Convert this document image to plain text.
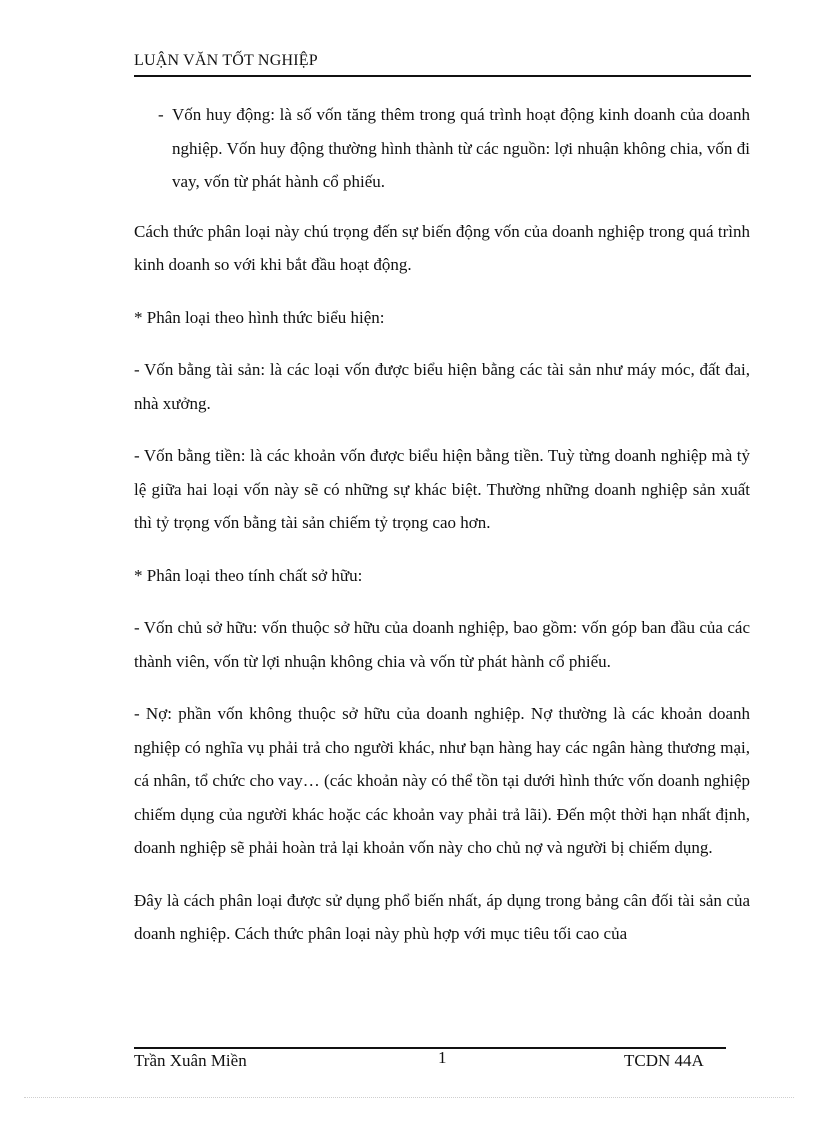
LUẬN VĂN TỐT NGHIỆP
- Vốn huy động: là số vốn tăng thêm trong quá trình hoạt động kinh doanh của doanh nghiệp. Vốn huy động thường hình thành từ các nguồn: lợi nhuận không chia, vốn đi vay, vốn từ phát hành cổ phiếu.

Cách thức phân loại này chú trọng đến sự biến động vốn của doanh nghiệp trong quá trình kinh doanh so với khi bắt đầu hoạt động.

* Phân loại theo hình thức biểu hiện:

- Vốn bằng tài sản: là các loại vốn được biểu hiện bằng các tài sản như máy móc, đất đai, nhà xưởng.

- Vốn bằng tiền: là các khoản vốn được biểu hiện bằng tiền. Tuỳ từng doanh nghiệp mà tỷ lệ giữa hai loại vốn này sẽ có những sự khác biệt. Thường những doanh nghiệp sản xuất thì tỷ trọng vốn bằng tài sản chiếm tỷ trọng cao hơn.

* Phân loại theo tính chất sở hữu:

- Vốn chủ sở hữu: vốn thuộc sở hữu của doanh nghiệp, bao gồm: vốn góp ban đầu của các thành viên, vốn từ lợi nhuận không chia và vốn từ phát hành cổ phiếu.

- Nợ: phần vốn không thuộc sở hữu của doanh nghiệp. Nợ thường là các khoản doanh nghiệp có nghĩa vụ phải trả cho người khác, như bạn hàng hay các ngân hàng thương mại, cá nhân, tổ chức cho vay… (các khoản này có thể tồn tại dưới hình thức vốn doanh nghiệp chiếm dụng của người khác hoặc các khoản vay phải trả lãi). Đến một thời hạn nhất định, doanh nghiệp sẽ phải hoàn trả lại khoản vốn này cho chủ nợ và người bị chiếm dụng.

Đây là cách phân loại được sử dụng phổ biến nhất, áp dụng trong bảng cân đối tài sản của doanh nghiệp. Cách thức phân loại này phù hợp với mục tiêu tối cao của

Trần Xuân Miền	1	TCDN 44A
